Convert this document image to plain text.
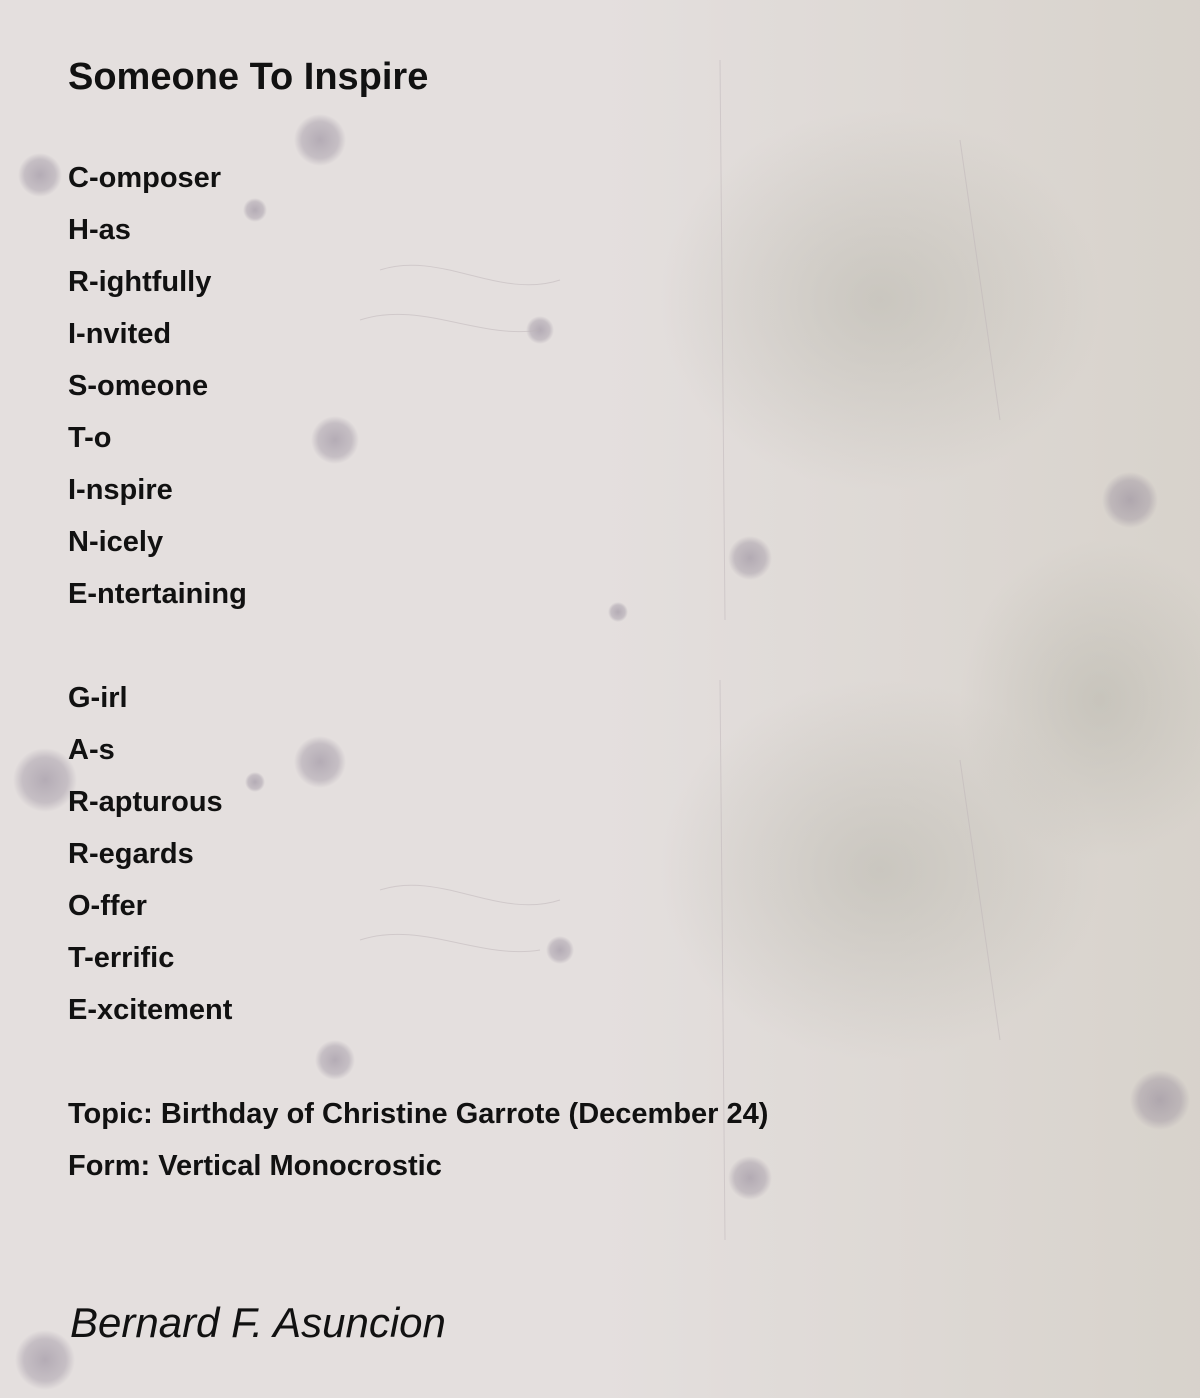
Someone To Inspire
C-omposer
H-as
R-ightfully
I-nvited
S-omeone
T-o
I-nspire
N-icely
E-ntertaining
G-irl
A-s
R-apturous
R-egards
O-ffer
T-errific
E-xcitement
Topic: Birthday of Christine Garrote (December 24)
Form: Vertical Monocrostic
Bernard F. Asuncion
